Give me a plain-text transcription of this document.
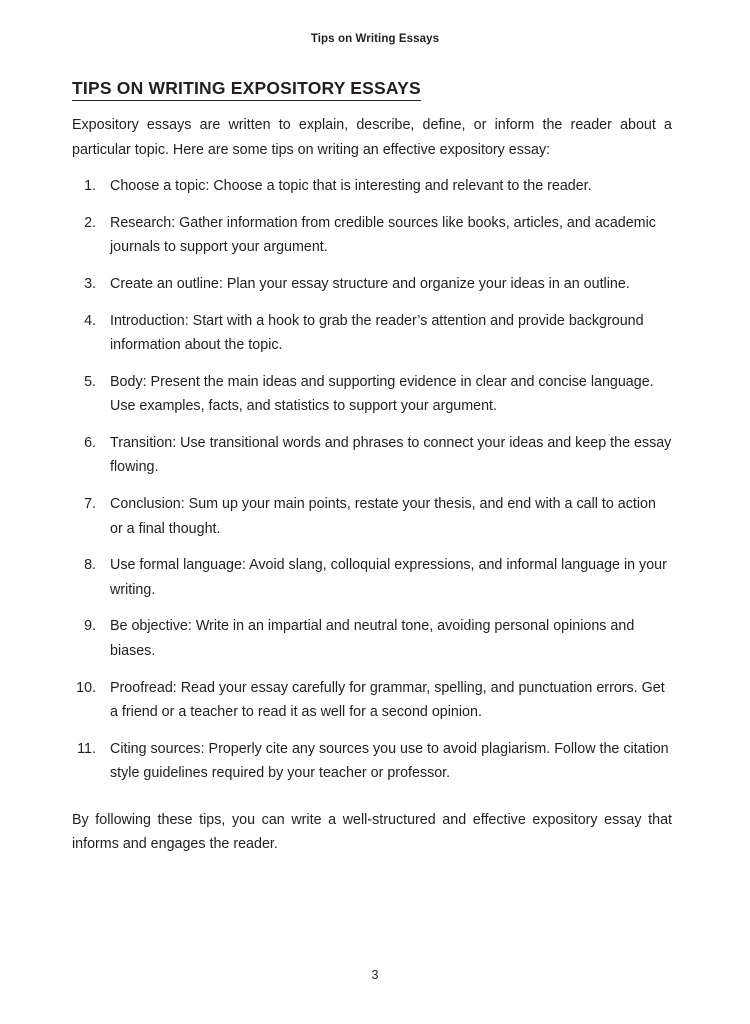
Tips on Writing Essays
TIPS ON WRITING EXPOSITORY ESSAYS

Expository essays are written to explain, describe, define, or inform the reader about a particular topic. Here are some tips on writing an effective expository essay:

1. Choose a topic: Choose a topic that is interesting and relevant to the reader.
2. Research: Gather information from credible sources like books, articles, and academic journals to support your argument.
3. Create an outline: Plan your essay structure and organize your ideas in an outline.
4. Introduction: Start with a hook to grab the reader’s attention and provide background information about the topic.
5. Body: Present the main ideas and supporting evidence in clear and concise language. Use examples, facts, and statistics to support your argument.
6. Transition: Use transitional words and phrases to connect your ideas and keep the essay flowing.
7. Conclusion: Sum up your main points, restate your thesis, and end with a call to action or a final thought.
8. Use formal language: Avoid slang, colloquial expressions, and informal language in your writing.
9. Be objective: Write in an impartial and neutral tone, avoiding personal opinions and biases.
10. Proofread: Read your essay carefully for grammar, spelling, and punctuation errors. Get a friend or a teacher to read it as well for a second opinion.
11. Citing sources: Properly cite any sources you use to avoid plagiarism. Follow the citation style guidelines required by your teacher or professor.

By following these tips, you can write a well-structured and effective expository essay that informs and engages the reader.

3
